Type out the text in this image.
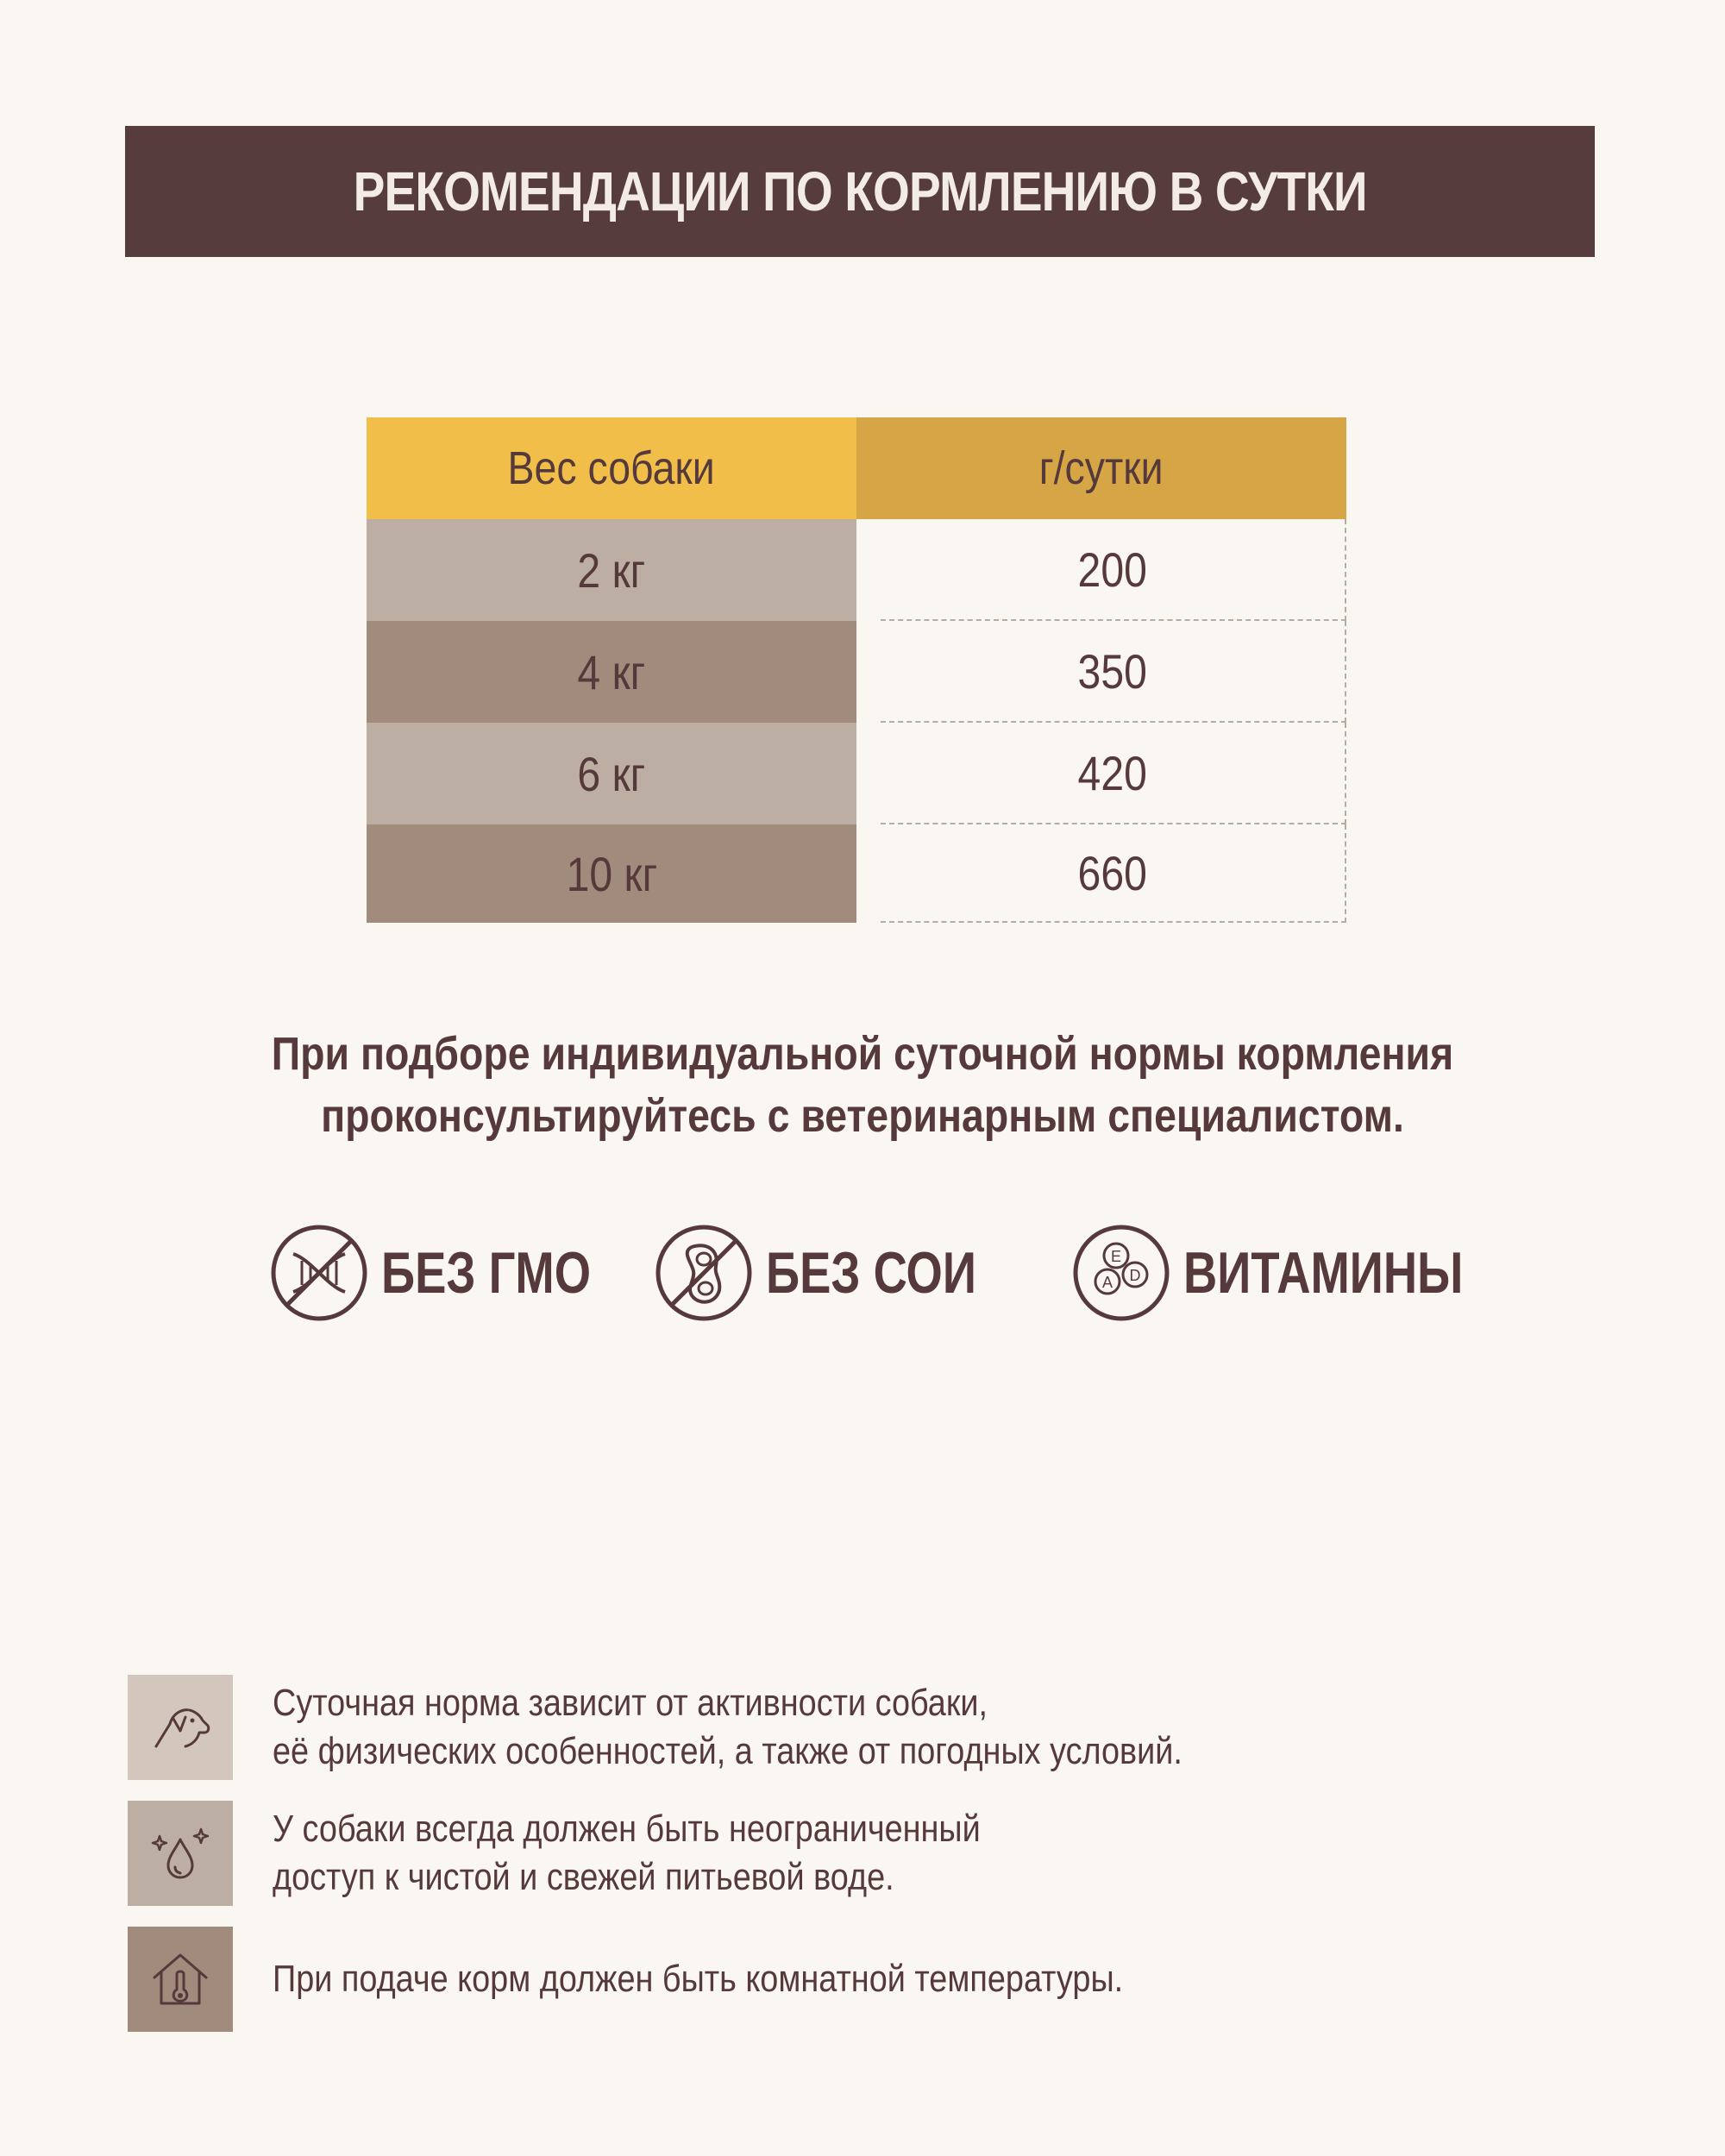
РЕКОМЕНДАЦИИ ПО КОРМЛЕНИЮ В СУТКИ
Вес собаки	г/сутки
2 кг	200
4 кг	350
6 кг	420
10 кг	660

При подборе индивидуальной суточной нормы кормления

проконсультируйтесь с ветеринарным специалистом.

БЕЗ ГМО	БЕЗ СОИ	E
A D ВИТАМИНЫ
Суточная норма зависит от активности собаки,
её физических особенностей, а также от погодных условий.
У собаки всегда должен быть неограниченный
доступ к чистой и свежей питьевой воде.
При подаче корм должен быть комнатной температуры.
